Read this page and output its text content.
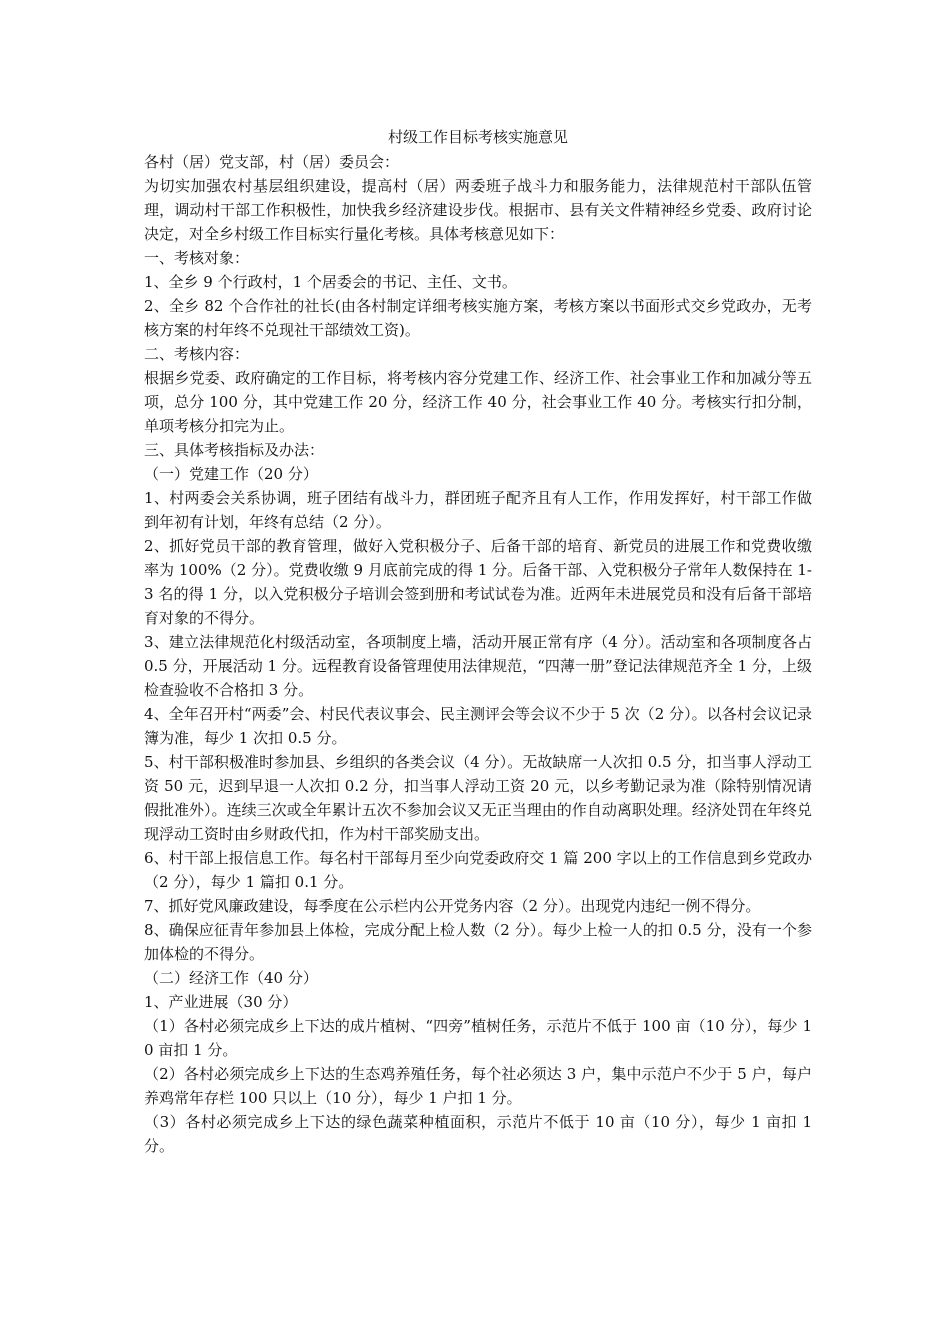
村级工作目标考核实施意见

各村（居）党支部，村（居）委员会：

为切实加强农村基层组织建设，提高村（居）两委班子战斗力和服务能力，法律规范村干部队伍管理，调动村干部工作积极性，加快我乡经济建设步伐。根据市、县有关文件精神经乡党委、政府讨论决定，对全乡村级工作目标实行量化考核。具体考核意见如下：

一、考核对象：

1、全乡 9 个行政村，1 个居委会的书记、主任、文书。

2、全乡 82 个合作社的社长(由各村制定详细考核实施方案，考核方案以书面形式交乡党政办，无考核方案的村年终不兑现社干部绩效工资)。

二、考核内容：

根据乡党委、政府确定的工作目标，将考核内容分党建工作、经济工作、社会事业工作和加减分等五项，总分 100 分，其中党建工作 20 分，经济工作 40 分，社会事业工作 40 分。考核实行扣分制，单项考核分扣完为止。

三、具体考核指标及办法：

（一）党建工作（20 分）

1、村两委会关系协调，班子团结有战斗力，群团班子配齐且有人工作，作用发挥好，村干部工作做到年初有计划，年终有总结（2 分）。

2、抓好党员干部的教育管理，做好入党积极分子、后备干部的培育、新党员的进展工作和党费收缴率为 100%（2 分）。党费收缴 9 月底前完成的得 1 分。后备干部、入党积极分子常年人数保持在 1-3 名的得 1 分，以入党积极分子培训会签到册和考试试卷为准。近两年未进展党员和没有后备干部培育对象的不得分。

3、建立法律规范化村级活动室，各项制度上墙，活动开展正常有序（4 分）。活动室和各项制度各占 0.5 分，开展活动 1 分。远程教育设备管理使用法律规范，“四薄一册”登记法律规范齐全 1 分，上级检查验收不合格扣 3 分。

4、全年召开村“两委”会、村民代表议事会、民主测评会等会议不少于 5 次（2 分）。以各村会议记录簿为准，每少 1 次扣 0.5 分。

5、村干部积极准时参加县、乡组织的各类会议（4 分）。无故缺席一人次扣 0.5 分，扣当事人浮动工资 50 元，迟到早退一人次扣 0.2 分，扣当事人浮动工资 20 元，以乡考勤记录为准（除特别情况请假批准外）。连续三次或全年累计五次不参加会议又无正当理由的作自动离职处理。经济处罚在年终兑现浮动工资时由乡财政代扣，作为村干部奖励支出。

6、村干部上报信息工作。每名村干部每月至少向党委政府交 1 篇 200 字以上的工作信息到乡党政办（2 分），每少 1 篇扣 0.1 分。

7、抓好党风廉政建设，每季度在公示栏内公开党务内容（2 分）。出现党内违纪一例不得分。

8、确保应征青年参加县上体检，完成分配上检人数（2 分）。每少上检一人的扣 0.5 分，没有一个参加体检的不得分。

（二）经济工作（40 分）

1、产业进展（30 分）

（1）各村必须完成乡上下达的成片植树、“四旁”植树任务，示范片不低于 100 亩（10 分），每少 10 亩扣 1 分。

（2）各村必须完成乡上下达的生态鸡养殖任务，每个社必须达 3 户，集中示范户不少于 5 户，每户养鸡常年存栏 100 只以上（10 分），每少 1 户扣 1 分。

（3）各村必须完成乡上下达的绿色蔬菜种植面积，示范片不低于 10 亩（10 分），每少 1 亩扣 1 分。
